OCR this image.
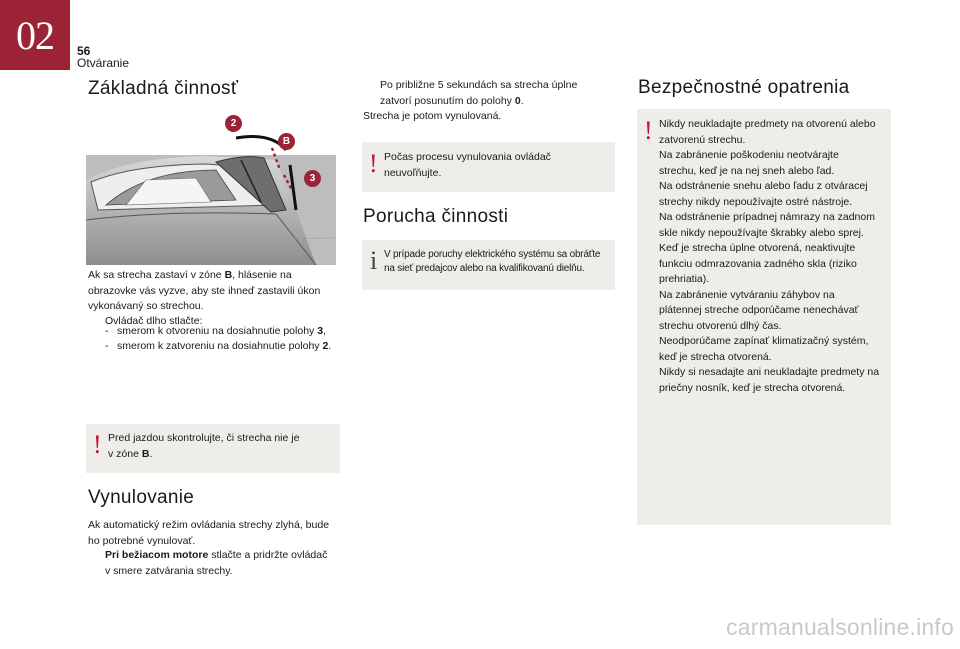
02	56
Otváranie
Základná činnosť
2
B
3
Ak sa strecha zastaví v zóne B, hlásenie na
obrazovke vás vyzve, aby ste ihneď zastavili úkon
vykonávaný so strechou.
Ovládač dlho stlačte:
- smerom k otvoreniu na dosiahnutie polohy 3,
- smerom k zatvoreniu na dosiahnutie polohy 2.
! Pred jazdou skontrolujte, či strecha nie je
v zóne B.
Vynulovanie
Ak automatický režim ovládania strechy zlyhá, bude
ho potrebné vynulovať.
Pri bežiacom motore stlačte a pridržte ovládač
v smere zatvárania strechy.
Po približne 5 sekundách sa strecha úplne
zatvorí posunutím do polohy 0.
Strecha je potom vynulovaná.
! Počas procesu vynulovania ovládač
neuvoľňujte.
Porucha činnosti
i V prípade poruchy elektrického systému sa obráťte
na sieť predajcov alebo na kvalifikovanú dielňu.
Bezpečnostné opatrenia
! Nikdy neukladajte predmety na otvorenú alebo
zatvorenú strechu.
Na zabránenie poškodeniu neotvárajte
strechu, keď je na nej sneh alebo ľad.
Na odstránenie snehu alebo ľadu z otváracej
strechy nikdy nepoužívajte ostré nástroje.
Na odstránenie prípadnej námrazy na zadnom
skle nikdy nepoužívajte škrabky alebo sprej.
Keď je strecha úplne otvorená, neaktivujte
funkciu odmrazovania zadného skla (riziko
prehriatia).
Na zabránenie vytváraniu záhybov na
plátennej streche odporúčame nenechávať
strechu otvorenú dlhý čas.
Neodporúčame zapínať klimatizačný systém,
keď je strecha otvorená.
Nikdy si nesadajte ani neukladajte predmety na
priečny nosník, keď je strecha otvorená.
carmanualsonline.info
